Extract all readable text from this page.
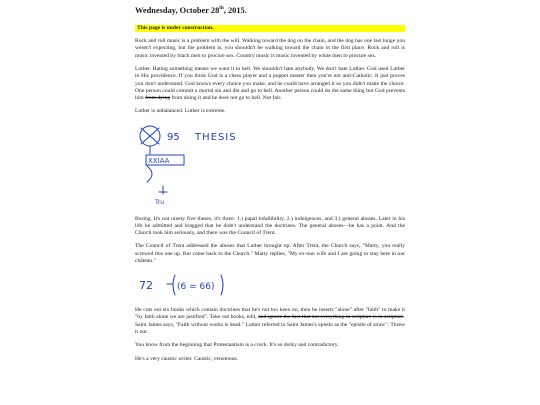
Wednesday, October 28th, 2015.
This page is under construction.

Rock and roll music is a problem with the will. Walking toward the dog on the chain, and the dog has one last lunge you weren't expecting, but the problem is, you shouldn't be walking toward the chain in the first place. Rock and roll is music invented by black men to procure sex. Country music is music invented by white men to procure sex.

Luther. Hating something means we want it in hell. We shouldn't hate anybody. We don't hate Luther. God used Luther in His providence. If you think God is a chess player and a puppet master then you're not anti-Catholic. It just proves you don't understand. God knows every choice you make, and he could have arranged it so you didn't make the choice. One person could commit a mortal sin and die and go to hell. Another person could do the same thing but God prevents him from dying from doing it and he does not go to hell. Not fair.

Luther is unbalanced. Luther is extreme.

95 THESIS
XXIAA
Tru

Boring. It's not ninety five theses, it's three: 1.) papal infallibility, 2.) indulgences, and 3.) general abuses. Later in his life he admitted and bragged that he didn't understand the doctrines. The general abuses—he has a point. And the Church took him seriously, and there was the Council of Trent.

The Council of Trent addressed the abuses that Luther brought up. After Trent, the Church says, "Marty, you really screwed this one up. But come back to the Church." Marty replies, "My ex-nun wife and I are going to stay here in our château."

72	(6 = 66)

He cuts out six books which contain doctrines that he's not too keen on, then he inserts "alone" after "faith" to make it "by faith alone we are justified". Take out books, edit, and ignore the fact that not everything in scripture is in scripture. Saint James says, "Faith without works is dead." Luther referred to Saint James's epistle as the "epistle of straw". Threw it out.

You know from the beginning that Protestantism is a crock. It's so dorky and contradictory.

He's a very caustic writer. Caustic, venomous.
